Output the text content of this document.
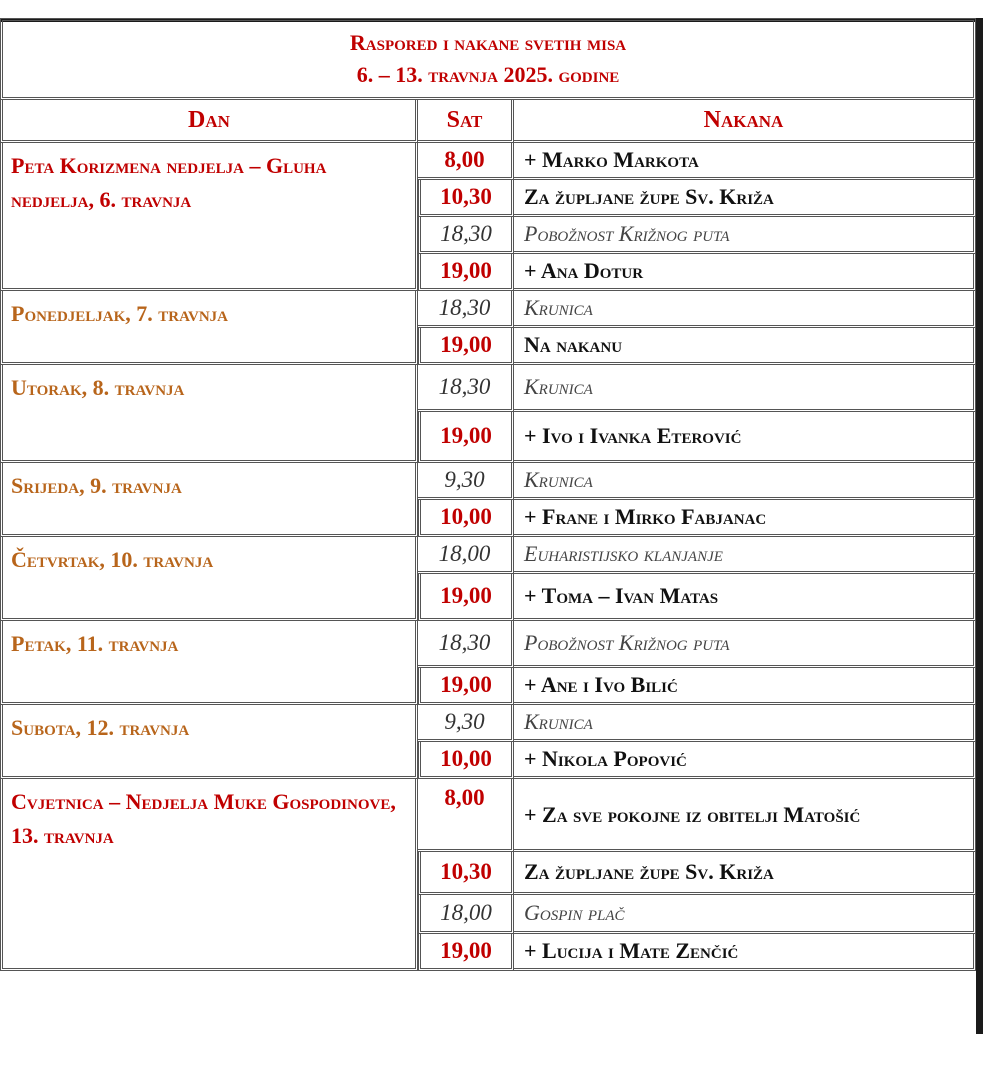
Raspored i nakane svetih misa
6. – 13. travnja 2025. godine		

Dan	Sat	Nakana
Peta Korizmena nedjelja – Gluha nedjelja, 6. travnja	8,00	+ Marko Markota
	10,30	Za župljane župe Sv. Križa
	18,30	Pobožnost Križnog puta
	19,00	+ Ana Dotur
Ponedjeljak, 7. travnja	18,30	Krunica
	19,00	Na nakanu
Utorak, 8. travnja	18,30	Krunica
	19,00	+ Ivo i Ivanka Eterović
Srijeda, 9. travnja	9,30	Krunica
	10,00	+ Frane i Mirko Fabjanac
Četvrtak, 10. travnja	18,00	Euharistijsko klanjanje
	19,00	+ Toma – Ivan Matas
Petak, 11. travnja	18,30	Pobožnost Križnog puta
	19,00	+ Ane i Ivo Bilić
Subota, 12. travnja	9,30	Krunica
	10,00	+ Nikola Popović
Cvjetnica – Nedjelja Muke Gospodinove, 13. travnja	8,00	+ Za sve pokojne iz obitelji Matošić
	10,30	Za župljane župe Sv. Križa
	18,00	Gospin plač
	19,00	+ Lucija i Mate Zenčić
